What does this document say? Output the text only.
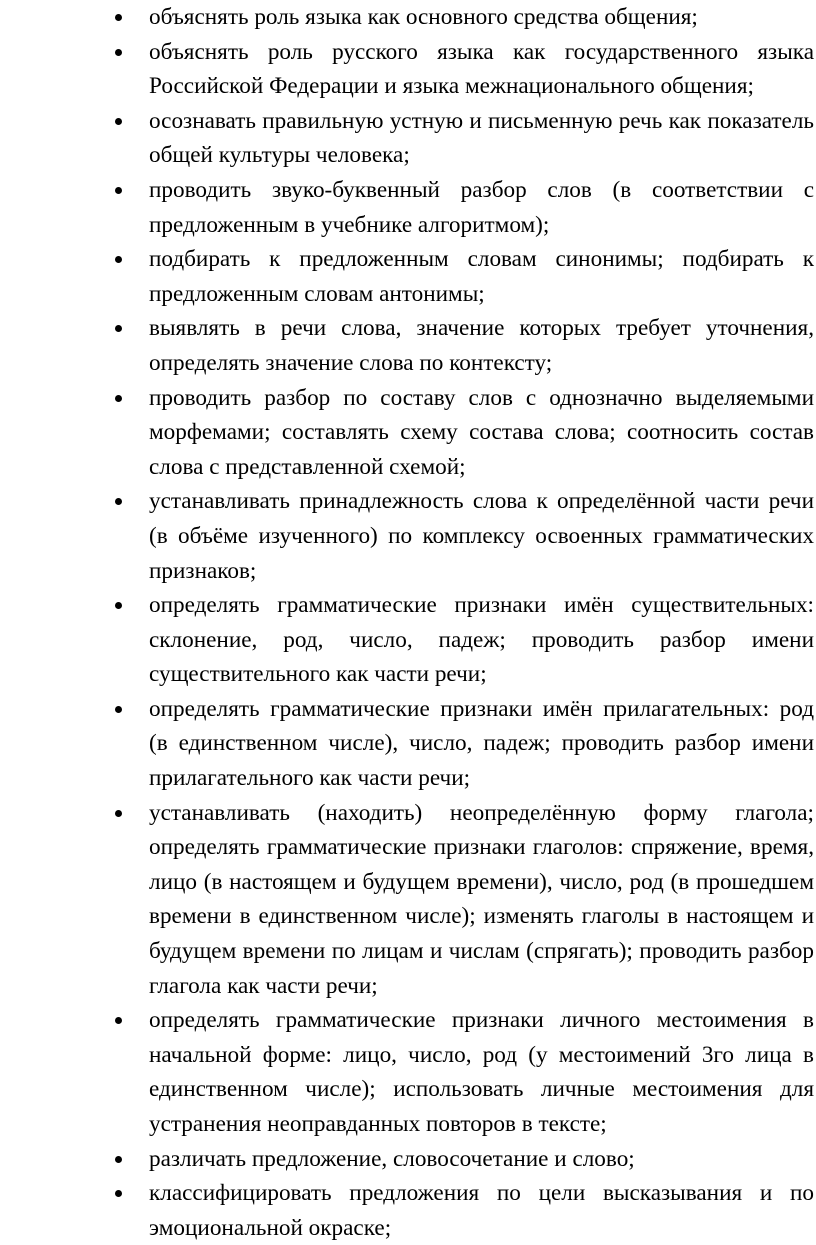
объяснять роль языка как основного средства общения;
объяснять роль русского языка как государственного языка Российской Федерации и языка межнационального общения;
осознавать правильную устную и письменную речь как показатель общей культуры человека;
проводить звуко-буквенный разбор слов (в соответствии с предложенным в учебнике алгоритмом);
подбирать к предложенным словам синонимы; подбирать к предложенным словам антонимы;
выявлять в речи слова, значение которых требует уточнения, определять значение слова по контексту;
проводить разбор по составу слов с однозначно выделяемыми морфемами; составлять схему состава слова; соотносить состав слова с представленной схемой;
устанавливать принадлежность слова к определённой части речи (в объёме изученного) по комплексу освоенных грамматических признаков;
определять грамматические признаки имён существительных: склонение, род, число, падеж; проводить разбор имени существительного как части речи;
определять грамматические признаки имён прилагательных: род (в единственном числе), число, падеж; проводить разбор имени прилагательного как части речи;
устанавливать (находить) неопределённую форму глагола; определять грамматические признаки глаголов: спряжение, время, лицо (в настоящем и будущем времени), число, род (в прошедшем времени в единственном числе); изменять глаголы в настоящем и будущем времени по лицам и числам (спрягать); проводить разбор глагола как части речи;
определять грамматические признаки личного местоимения в начальной форме: лицо, число, род (у местоимений 3го лица в единственном числе); использовать личные местоимения для устранения неоправданных повторов в тексте;
различать предложение, словосочетание и слово;
классифицировать предложения по цели высказывания и по эмоциональной окраске;
